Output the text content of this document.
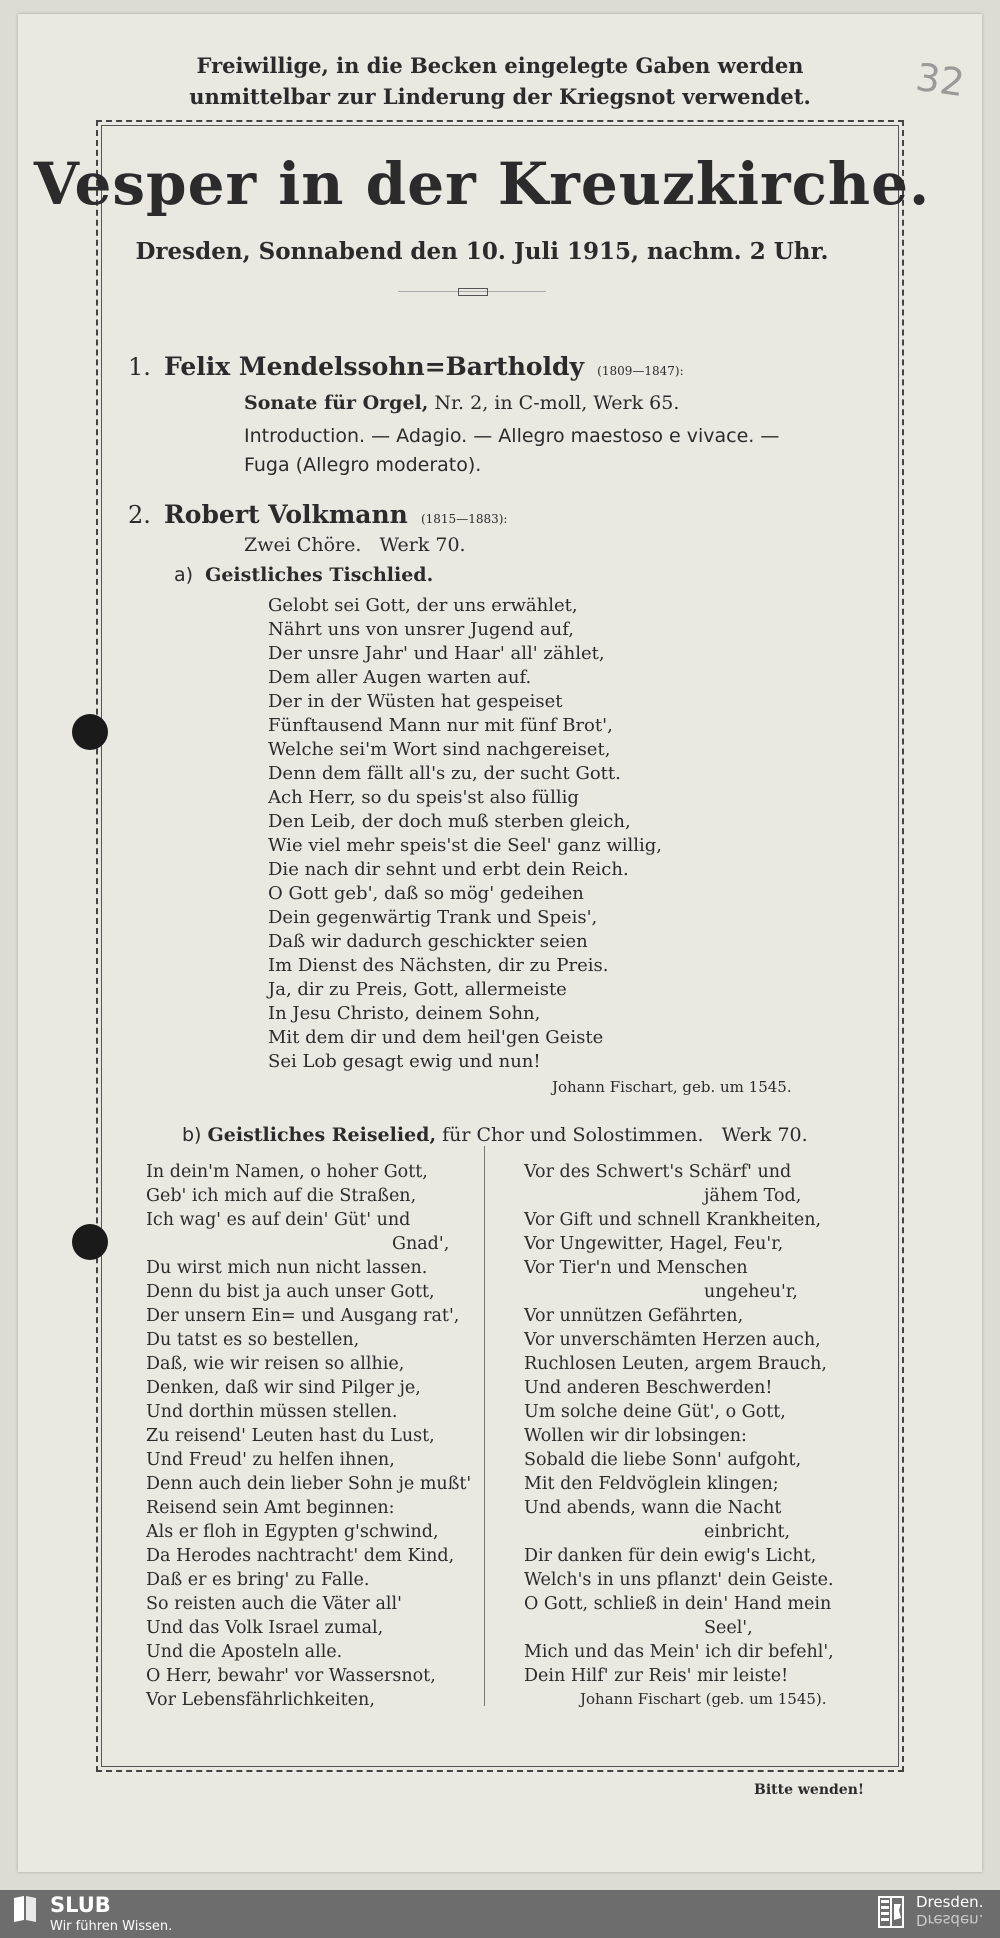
32
Freiwillige, in die Becken eingelegte Gaben werden
unmittelbar zur Linderung der Kriegsnot verwendet.
Vesper in der Kreuzkirche.
Dresden, Sonnabend den 10. Juli 1915, nachm. 2 Uhr.
1. Felix Mendelssohn=Bartholdy (1809—1847):
Sonate für Orgel, Nr. 2, in C-moll, Werk 65.
Introduction. — Adagio. — Allegro maestoso e vivace. —
Fuga (Allegro moderato).
2. Robert Volkmann (1815—1883):
Zwei Chöre.   Werk 70.
a) Geistliches Tischlied.
Gelobt sei Gott, der uns erwählet,
Nährt uns von unsrer Jugend auf,
Der unsre Jahr' und Haar' all' zählet,
Dem aller Augen warten auf.
Der in der Wüsten hat gespeiset
Fünftausend Mann nur mit fünf Brot',
Welche sei'm Wort sind nachgereiset,
Denn dem fällt all's zu, der sucht Gott.
Ach Herr, so du speis'st also füllig
Den Leib, der doch muß sterben gleich,
Wie viel mehr speis'st die Seel' ganz willig,
Die nach dir sehnt und erbt dein Reich.
O Gott geb', daß so mög' gedeihen
Dein gegenwärtig Trank und Speis',
Daß wir dadurch geschickter seien
Im Dienst des Nächsten, dir zu Preis.
Ja, dir zu Preis, Gott, allermeiste
In Jesu Christo, deinem Sohn,
Mit dem dir und dem heil'gen Geiste
Sei Lob gesagt ewig und nun!
Johann Fischart, geb. um 1545.
b) Geistliches Reiselied, für Chor und Solostimmen.   Werk 70.
In dein'm Namen, o hoher Gott,
Geb' ich mich auf die Straßen,
Ich wag' es auf dein' Güt' und
Gnad',
Du wirst mich nun nicht lassen.
Denn du bist ja auch unser Gott,
Der unsern Ein= und Ausgang rat',
Du tatst es so bestellen,
Daß, wie wir reisen so allhie,
Denken, daß wir sind Pilger je,
Und dorthin müssen stellen.
Zu reisend' Leuten hast du Lust,
Und Freud' zu helfen ihnen,
Denn auch dein lieber Sohn je mußt'
Reisend sein Amt beginnen:
Als er floh in Egypten g'schwind,
Da Herodes nachtracht' dem Kind,
Daß er es bring' zu Falle.
So reisten auch die Väter all'
Und das Volk Israel zumal,
Und die Aposteln alle.
O Herr, bewahr' vor Wassersnot,
Vor Lebensfährlichkeiten,
Vor des Schwert's Schärf' und
jähem Tod,
Vor Gift und schnell Krankheiten,
Vor Ungewitter, Hagel, Feu'r,
Vor Tier'n und Menschen
ungeheu'r,
Vor unnützen Gefährten,
Vor unverschämten Herzen auch,
Ruchlosen Leuten, argem Brauch,
Und anderen Beschwerden!
Um solche deine Güt', o Gott,
Wollen wir dir lobsingen:
Sobald die liebe Sonn' aufgoht,
Mit den Feldvöglein klingen;
Und abends, wann die Nacht
einbricht,
Dir danken für dein ewig's Licht,
Welch's in uns pflanzt' dein Geiste.
O Gott, schließ in dein' Hand mein
Seel',
Mich und das Mein' ich dir befehl',
Dein Hilf' zur Reis' mir leiste!
Johann Fischart (geb. um 1545).
Bitte wenden!
SLUB
Wir führen Wissen.
Dresden.
Dresden.
